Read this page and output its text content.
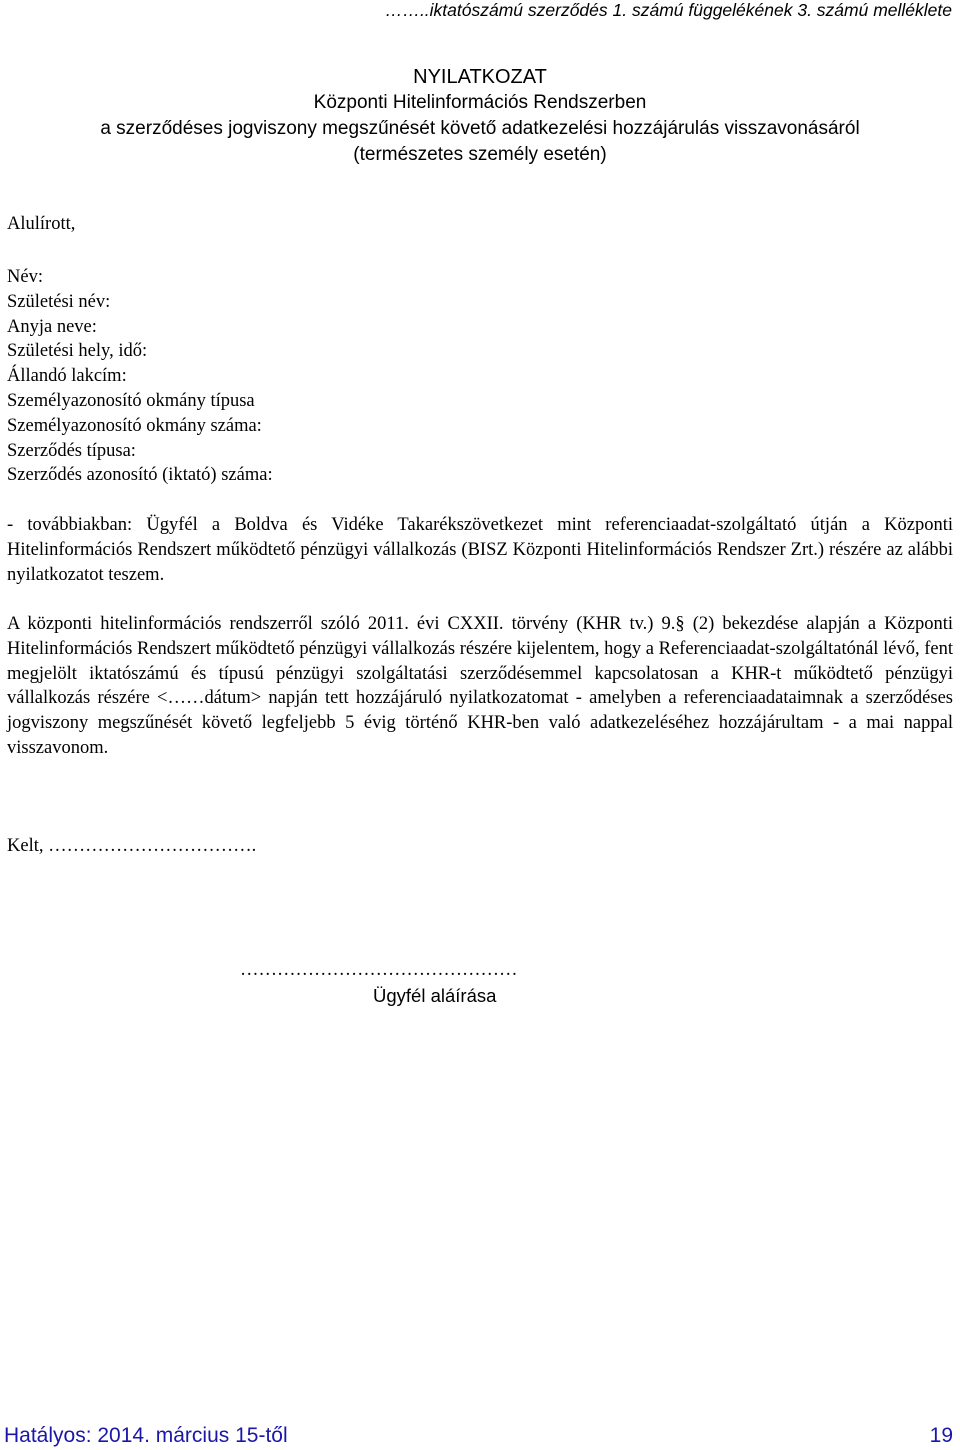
……..iktatószámú szerződés 1. számú függelékének 3. számú melléklete
NYILATKOZAT
Központi Hitelinformációs Rendszerben
a szerződéses jogviszony megszűnését követő adatkezelési hozzájárulás visszavonásáról
(természetes személy esetén)
Alulírott,
Név:
Születési név:
Anyja neve:
Születési hely, idő:
Állandó lakcím:
Személyazonosító okmány típusa
Személyazonosító okmány száma:
Szerződés típusa:
Szerződés azonosító (iktató) száma:
- továbbiakban: Ügyfél a Boldva és Vidéke Takarékszövetkezet mint referenciaadat-szolgáltató útján a Központi Hitelinformációs Rendszert működtető pénzügyi vállalkozás (BISZ Központi Hitelinformációs Rendszer Zrt.) részére az alábbi nyilatkozatot teszem.
A központi hitelinformációs rendszerről szóló 2011. évi CXXII. törvény (KHR tv.) 9.§ (2) bekezdése alapján a Központi Hitelinformációs Rendszert működtető pénzügyi vállalkozás részére kijelentem, hogy a Referenciaadat-szolgáltatónál lévő, fent megjelölt iktatószámú és típusú pénzügyi szolgáltatási szerződésemmel kapcsolatosan a KHR-t működtető pénzügyi vállalkozás részére <……dátum> napján tett hozzájáruló nyilatkozatomat - amelyben a referenciaadataimnak a szerződéses jogviszony megszűnését követő legfeljebb 5 évig történő KHR-ben való adatkezeléséhez hozzájárultam - a mai nappal visszavonom.
Kelt, …………………………….
………………………………………
Ügyfél aláírása
Hatályos: 2014. március 15-től	19
